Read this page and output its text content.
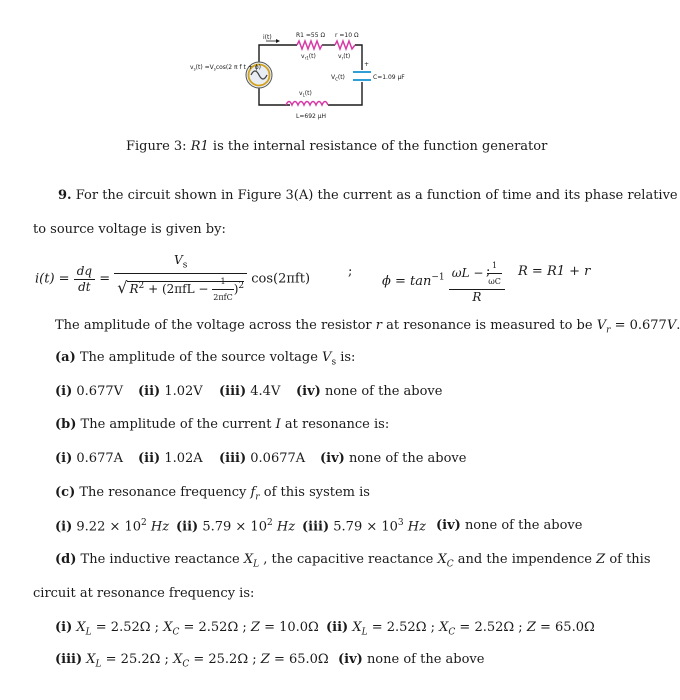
i(t)	R1 =55 Ω r =10 Ω
$v_{r1}(t)$	$v_r(t)$
$v_s(t) =V_s\cos(2$ π f t + ϕ)
$V_c(t)$
+
C=1.09 μF
$v_L(t)$
L=692 μH
Figure 3: R1 is the internal resistance of the function generator
9. For the circuit shown in Figure 3(A) the current as a function of time and its phase relative
to source voltage is given by:
$i(t) = \frac{dq}{dt} = V_s$
√ $R^2 + (2\pi fL$ −
1
2πfC
)$^2$ cos(2πft)
;
$\phi = \tan^{-1} \frac{\omega L - \frac{1}{\omega C}}{R}$
; R = R1 + r
The amplitude of the voltage across the resistor r at resonance is measured to be $V_r = 0.677V$.
(a) The amplitude of the source voltage $V_s$ is:
(i) 0.677V (ii) 1.02V (iii) 4.4V (iv) none of the above
(b) The amplitude of the current I at resonance is:
(i) 0.677A (ii) 1.02A (iii) 0.0677A (iv) none of the above
(c) The resonance frequency $f_r$ of this system is
(i) $9.22 \times 10^2$ Hz (ii) $5.79 \times 10^2$ Hz (iii) $5.79 \times 10^3$ Hz (iv) none of the above
(d) The inductive reactance $X_L$ , the capacitive reactance $X_C$ and the impendence Z of this
circuit at resonance frequency is:
(i) $X_L = 2.52\Omega$ ; $X_C = 2.52\Omega$ ; Z = 10.0Ω (ii) $X_L = 2.52\Omega$ ; $X_C = 2.52\Omega$ ; Z = 65.0Ω
(iii) $X_L = 25.2\Omega$ ; $X_C = 25.2\Omega$ ; Z = 65.0Ω (iv) none of the above
